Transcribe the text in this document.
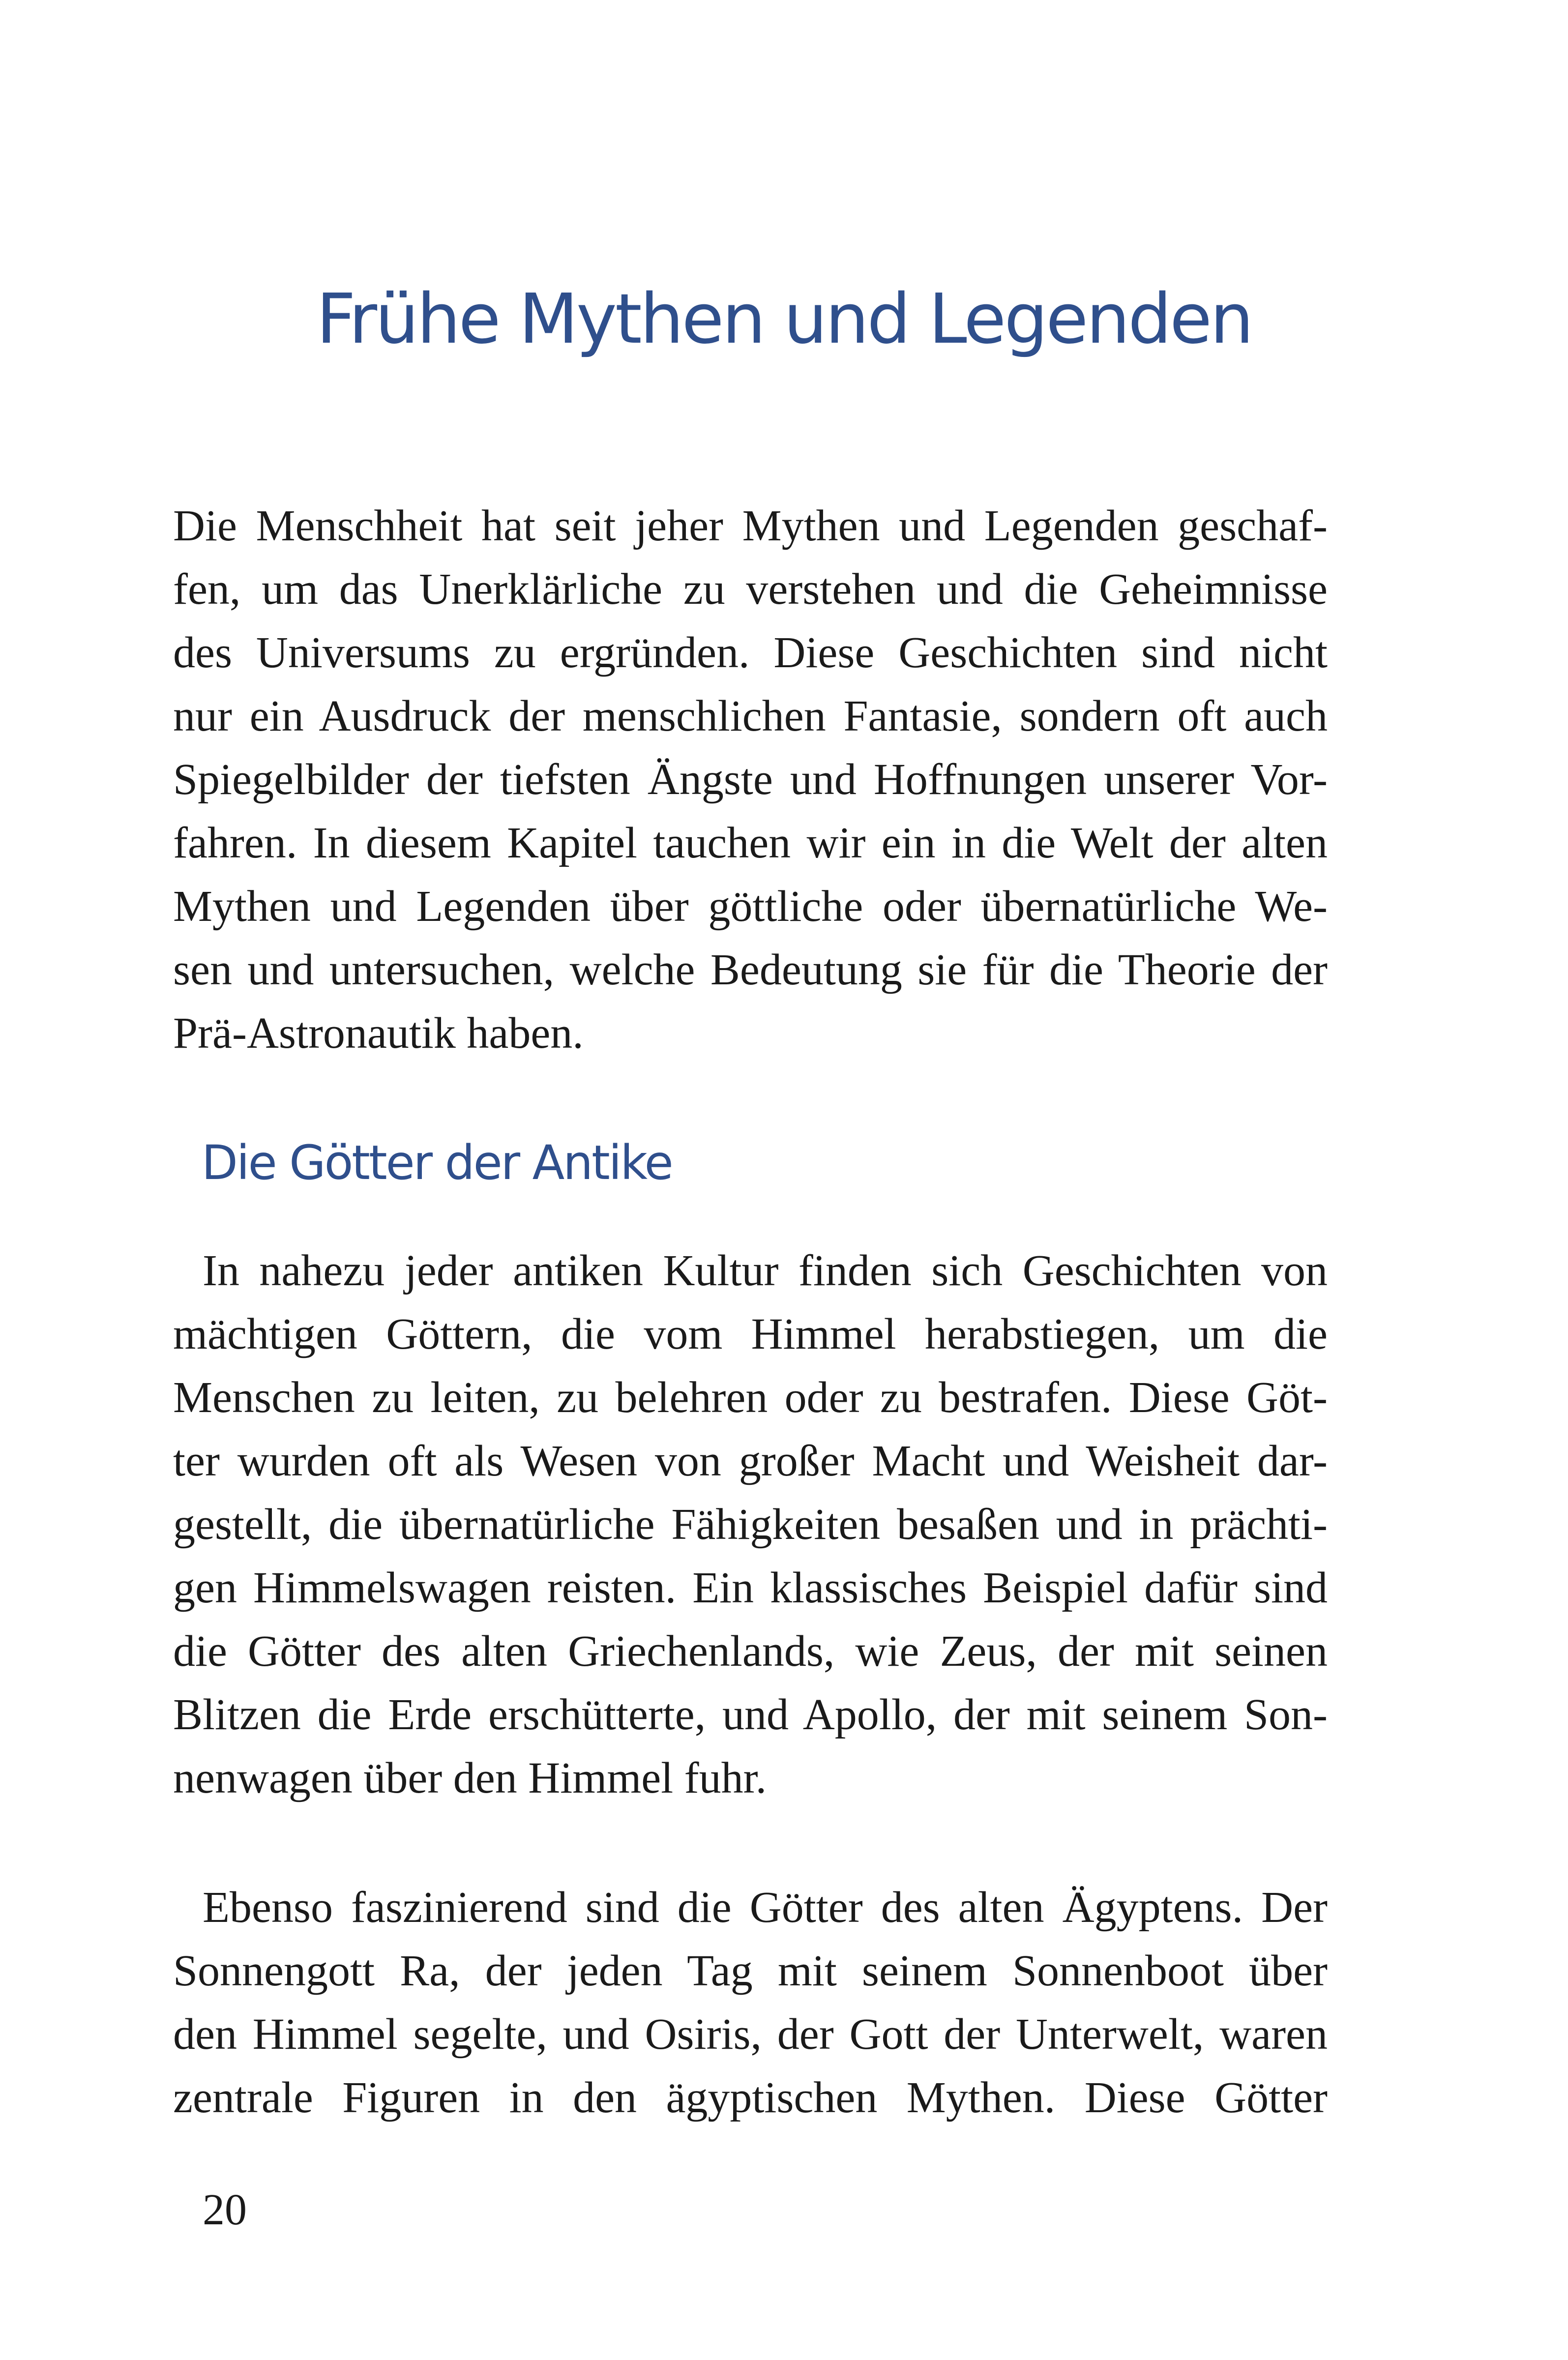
Frühe Mythen und Legenden
Die Menschheit hat seit jeher Mythen und Legenden geschaf-
fen, um das Unerklärliche zu verstehen und die Geheimnisse
des Universums zu ergründen. Diese Geschichten sind nicht
nur ein Ausdruck der menschlichen Fantasie, sondern oft auch
Spiegelbilder der tiefsten Ängste und Hoffnungen unserer Vor-
fahren. In diesem Kapitel tauchen wir ein in die Welt der alten
Mythen und Legenden über göttliche oder übernatürliche We-
sen und untersuchen, welche Bedeutung sie für die Theorie der
Prä-Astronautik haben.
Die Götter der Antike
In nahezu jeder antiken Kultur finden sich Geschichten von
mächtigen Göttern, die vom Himmel herabstiegen, um die
Menschen zu leiten, zu belehren oder zu bestrafen. Diese Göt-
ter wurden oft als Wesen von großer Macht und Weisheit dar-
gestellt, die übernatürliche Fähigkeiten besaßen und in prächti-
gen Himmelswagen reisten. Ein klassisches Beispiel dafür sind
die Götter des alten Griechenlands, wie Zeus, der mit seinen
Blitzen die Erde erschütterte, und Apollo, der mit seinem Son-
nenwagen über den Himmel fuhr.
Ebenso faszinierend sind die Götter des alten Ägyptens. Der
Sonnengott Ra, der jeden Tag mit seinem Sonnenboot über
den Himmel segelte, und Osiris, der Gott der Unterwelt, waren
zentrale Figuren in den ägyptischen Mythen. Diese Götter
20
